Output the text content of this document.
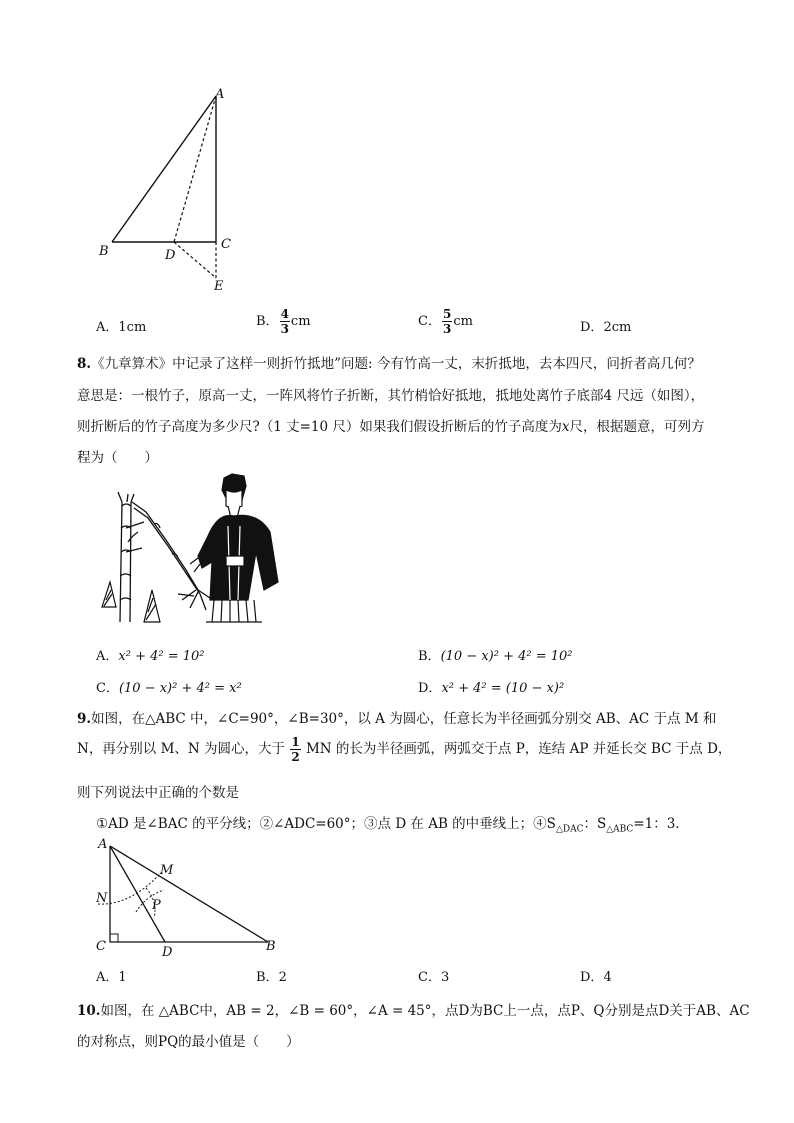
A
B	C
D
E
A．1cm	B． $\frac{4}{3}$ cm	C． $\frac{5}{3}$ cm	D．2cm
8.《九章算术》中记录了这样一则折竹抵地”问题: 今有竹高一丈，末折抵地，去本四尺，问折者高几何？
意思是：一根竹子，原高一丈，一阵风将竹子折断，其竹梢恰好抵地，抵地处离竹子底部4 尺远（如图），
则折断后的竹子高度为多少尺?（1 丈=10 尺）如果我们假设折断后的竹子高度为x尺，根据题意，可列方
程为（　　）
A．x² + 4² = 10²	B．(10 − x)² + 4² = 10²
C．(10 − x)² + 4² = x²	D．x² + 4² = (10 − x)²
9.如图，在△ABC 中，∠C=90°，∠B=30°，以 A 为圆心，任意长为半径画弧分别交 AB、AC 于点 M 和
N，再分别以 M、N 为圆心，大于 $\frac{1}{2}$ MN 的长为半径画弧，两弧交于点 P，连结 AP 并延长交 BC 于点 D，
则下列说法中正确的个数是
①AD 是∠BAC 的平分线；②∠ADC=60°；③点 D 在 AB 的中垂线上；$④S_{\triangle DAC}$：$S_{\triangle ABC}=1$：3.
A
M
N	P
C	D	B
A．1	B．2	C．3	D．4
10.如图，在 △ABC中，AB = 2，∠B = 60°，∠A = 45°，点D为BC上一点，点P、Q分别是点D关于AB、AC
的对称点，则PQ的最小值是（　　）
